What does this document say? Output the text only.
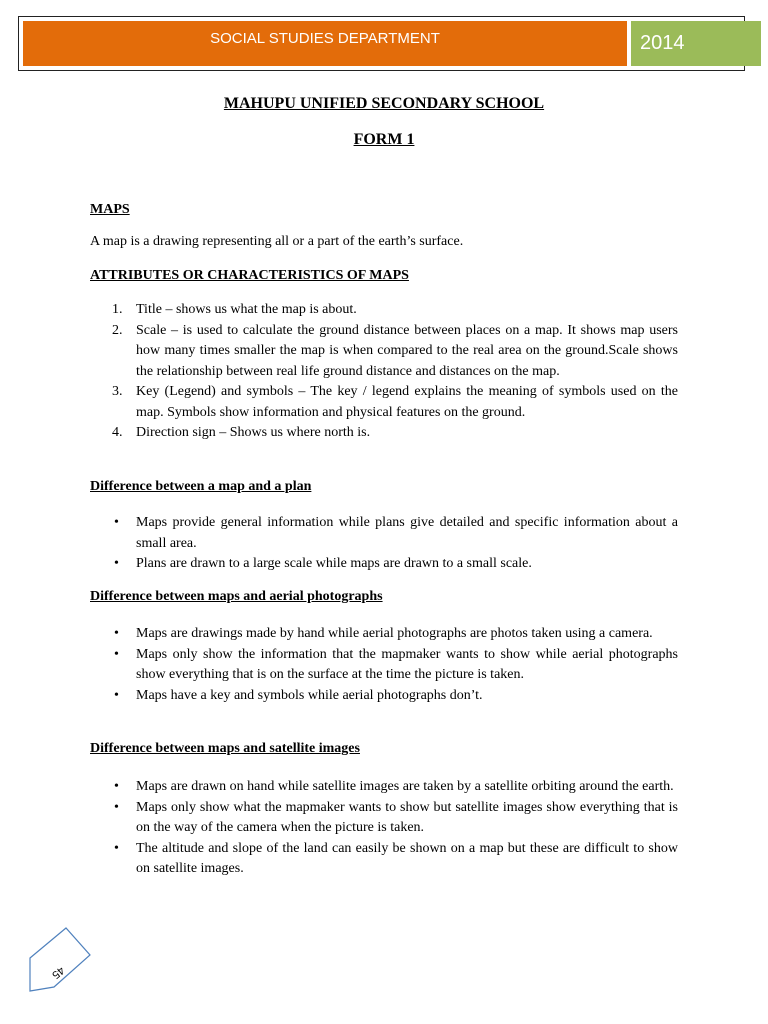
SOCIAL STUDIES DEPARTMENT	2014
MAHUPU UNIFIED SECONDARY SCHOOL
FORM 1
MAPS
A map is a drawing representing all or a part of the earth’s surface.
ATTRIBUTES OR CHARACTERISTICS OF MAPS
1. Title – shows us what the map is about.
2. Scale – is used to calculate the ground distance between places on a map. It shows map users how many times smaller the map is when compared to the real area on the ground.Scale shows the relationship between real life ground distance and distances on the map.
3. Key (Legend) and symbols – The key / legend explains the meaning of symbols used on the map. Symbols show information and physical features on the ground.
4. Direction sign – Shows us where north is.
Difference between a map and a plan
• Maps provide general information while plans give detailed and specific information about a small area.
• Plans are drawn to a large scale while maps are drawn to a small scale.
Difference between maps and aerial photographs
• Maps are drawings made by hand while aerial photographs are photos taken using a camera.
• Maps only show the information that the mapmaker wants to show while aerial photographs show everything that is on the surface at the time the picture is taken.
• Maps have a key and symbols while aerial photographs don’t.
Difference between maps and satellite images
• Maps are drawn on hand while satellite images are taken by a satellite orbiting around the earth.
• Maps only show what the mapmaker wants to show but satellite images show everything that is on the way of the camera when the picture is taken.
• The altitude and slope of the land can easily be shown on a map but these are difficult to show on satellite images.
45
